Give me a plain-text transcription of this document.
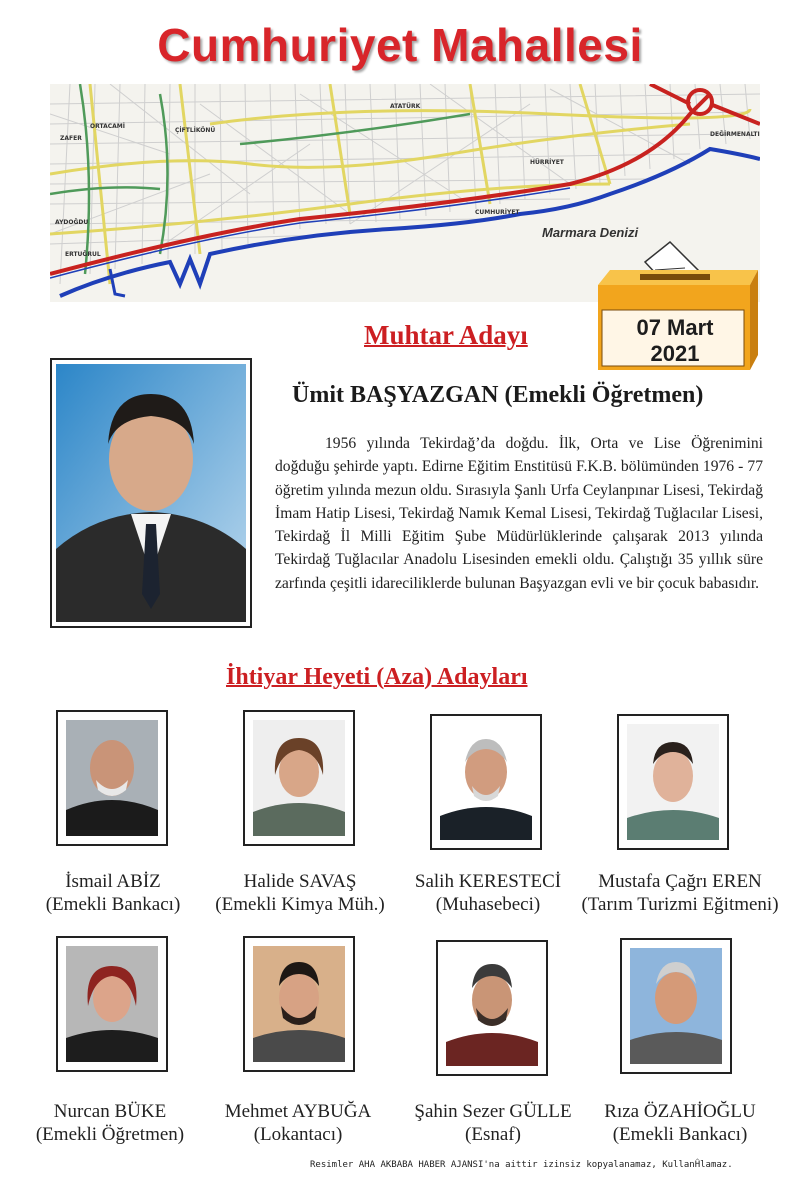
Cumhuriyet Mahallesi
ORTACAMİ
ZAFER
ÇİFTLİKÖNÜ
ATATÜRK
HÜRRİYET
CUMHURİYET
DEĞİRMENALTI
AYDOĞDU
ERTUĞRUL
Marmara Denizi
07 Mart
2021
Muhtar Adayı
Ümit BAŞYAZGAN (Emekli Öğretmen)
1956 yılında Tekirdağ’da doğdu. İlk, Orta ve Lise Öğrenimini doğduğu şehirde yaptı. Edirne Eğitim Enstitüsü F.K.B. bölümünden 1976 - 77 öğretim yılında mezun oldu. Sırasıyla Şanlı Urfa Ceylanpınar Lisesi, Tekirdağ İmam Hatip Lisesi, Tekirdağ Namık Kemal Lisesi, Tekirdağ Tuğlacılar Lisesi, Tekirdağ İl Milli Eğitim Şube Müdürlüklerinde çalışarak 2013 yılında Tekirdağ Tuğlacılar Anadolu Lisesinden emekli oldu. Çalıştığı 35 yıllık süre zarfında çeşitli idareciliklerde bulunan Başyazgan evli ve bir çocuk babasıdır.
İhtiyar Heyeti (Aza) Adayları
İsmail ABİZ
(Emekli Bankacı)
Halide SAVAŞ
(Emekli Kimya Müh.)
Salih KERESTECİ
(Muhasebeci)
Mustafa Çağrı EREN
(Tarım Turizmi Eğitmeni)
Nurcan BÜKE
(Emekli Öğretmen)
Mehmet AYBUĞA
(Lokantacı)
Şahin Sezer GÜLLE
(Esnaf)
Rıza ÖZAHİOĞLU
(Emekli Bankacı)
Resimler AHA AKBABA HABER AJANSI'na aittir izinsiz kopyalanamaz, KullanĤlamaz.
